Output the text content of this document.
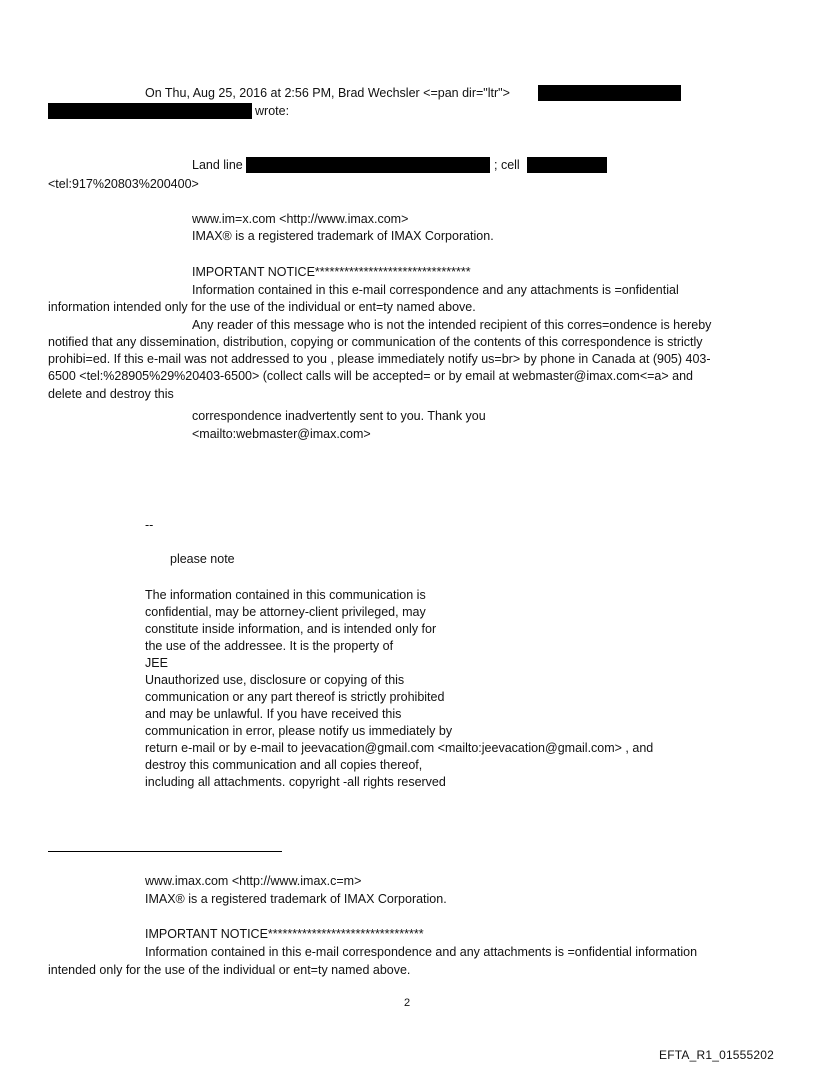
On Thu, Aug 25, 2016 at 2:56 PM, Brad Wechsler <=pan dir="ltr">
wrote:
Land line	; cell
<tel:917%20803%200400>
www.im=x.com <http://www.imax.com>
IMAX® is a registered trademark of IMAX Corporation.
IMPORTANT NOTICE********************************
Information contained in this e-mail correspondence and any attachments is =onfidential
information intended only for the use of the individual or ent=ty named above.
Any reader of this message who is not the intended recipient of this corres=ondence is hereby
notified that any dissemination, distribution, copying or communication of the contents of this correspondence is strictly
prohibi=ed. If this e-mail was not addressed to you , please immediately notify us=br> by phone in Canada at (905) 403-
6500 <tel:%28905%29%20403-6500> (collect calls will be accepted= or by email at webmaster@imax.com<=a> and
delete and destroy this
correspondence inadvertently sent to you. Thank you
<mailto:webmaster@imax.com>
--
please note
The information contained in this communication is
confidential, may be attorney-client privileged, may
constitute inside information, and is intended only for
the use of the addressee. It is the property of
JEE
Unauthorized use, disclosure or copying of this
communication or any part thereof is strictly prohibited
and may be unlawful. If you have received this
communication in error, please notify us immediately by
return e-mail or by e-mail to jeevacation@gmail.com <mailto:jeevacation@gmail.com> , and
destroy this communication and all copies thereof,
including all attachments. copyright -all rights reserved
www.imax.com <http://www.imax.c=m>
IMAX® is a registered trademark of IMAX Corporation.
IMPORTANT NOTICE********************************
Information contained in this e-mail correspondence and any attachments is =onfidential information
intended only for the use of the individual or ent=ty named above.
2
EFTA_R1_01555202
